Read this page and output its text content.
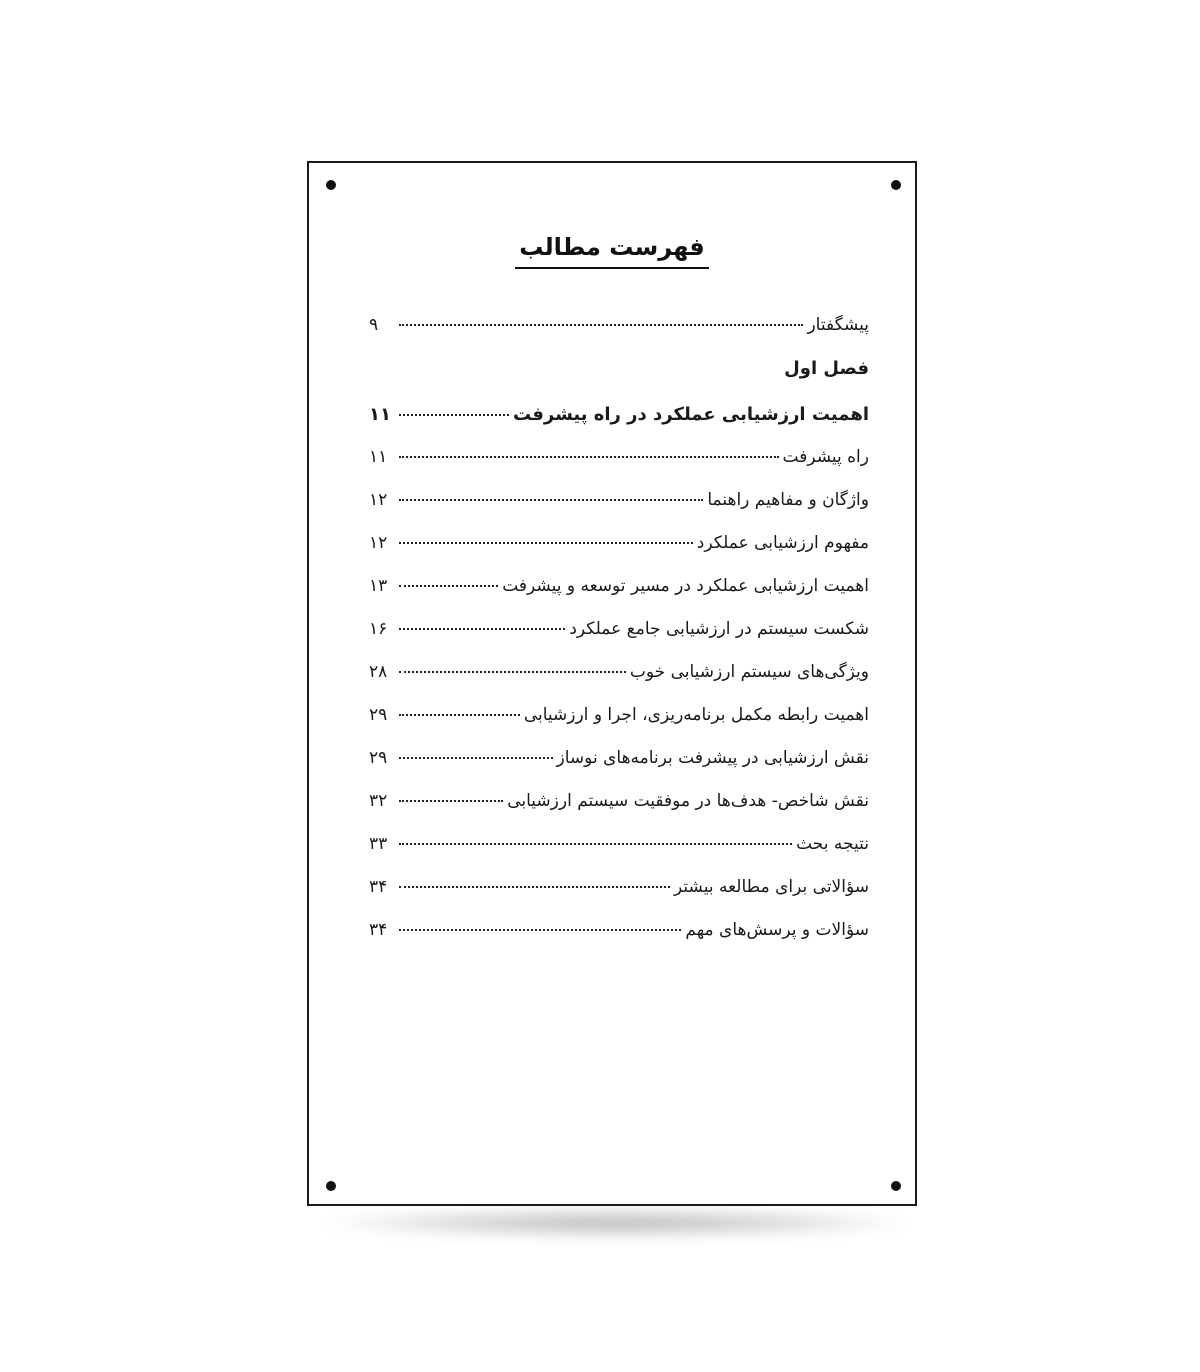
فهرست مطالب
پیشگفتار
۹
فصل اول
اهمیت ارزشیابی عملکرد در راه پیشرفت
۱۱
راه پیشرفت
۱۱
واژگان و مفاهیم راهنما
۱۲
مفهوم ارزشیابی عملکرد
۱۲
اهمیت ارزشیابی عملکرد در مسیر توسعه و پیشرفت
۱۳
شکست سیستم در ارزشیابی جامع عملکرد
۱۶
ویژگی‌های سیستم ارزشیابی خوب
۲۸
اهمیت رابطه مکمل برنامه‌ریزی، اجرا و ارزشیابی
۲۹
نقش ارزشیابی در پیشرفت برنامه‌های نوساز
۲۹
نقش شاخص- هدف‌ها در موفقیت سیستم ارزشیابی
۳۲
نتیجه بحث
۳۳
سؤالاتی برای مطالعه بیشتر
۳۴
سؤالات و پرسش‌های مهم
۳۴
